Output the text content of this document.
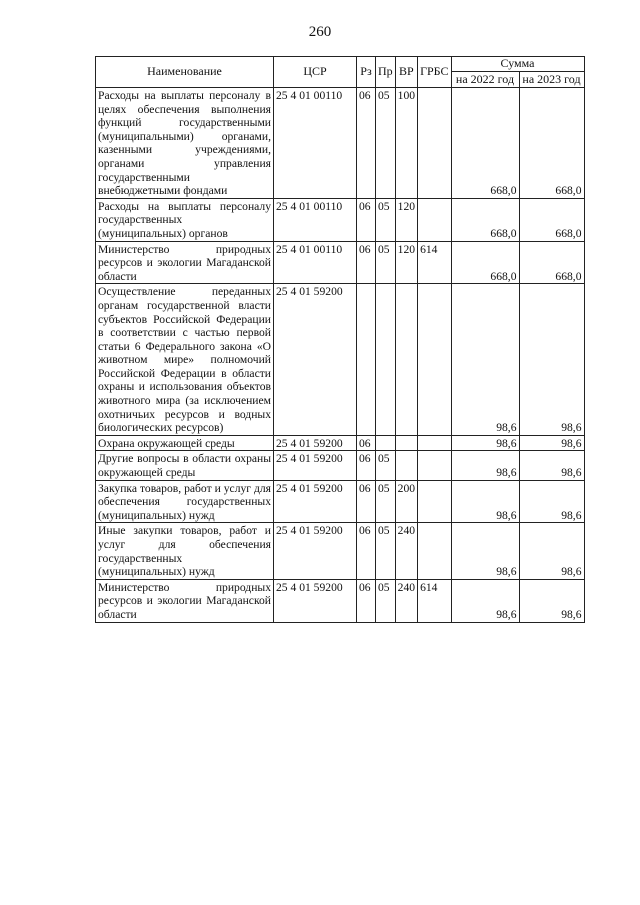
260
Наименование	ЦСР	Рз	Пр	ВР	ГРБС	Сумма	
						на 2022 год	на 2023 год

Расходы на выплаты персоналу в целях обеспечения выполнения функций государственными (муниципальными) органами, казенными учреждениями, органами управления государственными внебюджетными фондами	25 4 01 00110	06	05	100		668,0	668,0

Расходы на выплаты персоналу государственных (муниципальных) органов	25 4 01 00110	06	05	120		668,0	668,0

Министерство природных ресурсов и экологии Магаданской области	25 4 01 00110	06	05	120	614	668,0	668,0

Осуществление переданных органам государственной власти субъектов Российской Федерации в соответствии с частью первой статьи 6 Федерального закона «О животном мире» полномочий Российской Федерации в области охраны и использования объектов животного мира (за исключением охотничьих ресурсов и водных биологических ресурсов)	25 4 01 59200					98,6	98,6

Охрана окружающей среды	25 4 01 59200	06				98,6	98,6

Другие вопросы в области охраны окружающей среды	25 4 01 59200	06	05			98,6	98,6

Закупка товаров, работ и услуг для обеспечения государственных (муниципальных) нужд	25 4 01 59200	06	05	200		98,6	98,6

Иные закупки товаров, работ и услуг для обеспечения государственных (муниципальных) нужд	25 4 01 59200	06	05	240		98,6	98,6

Министерство природных ресурсов и экологии Магаданской области	25 4 01 59200	06	05	240	614	98,6	98,6
